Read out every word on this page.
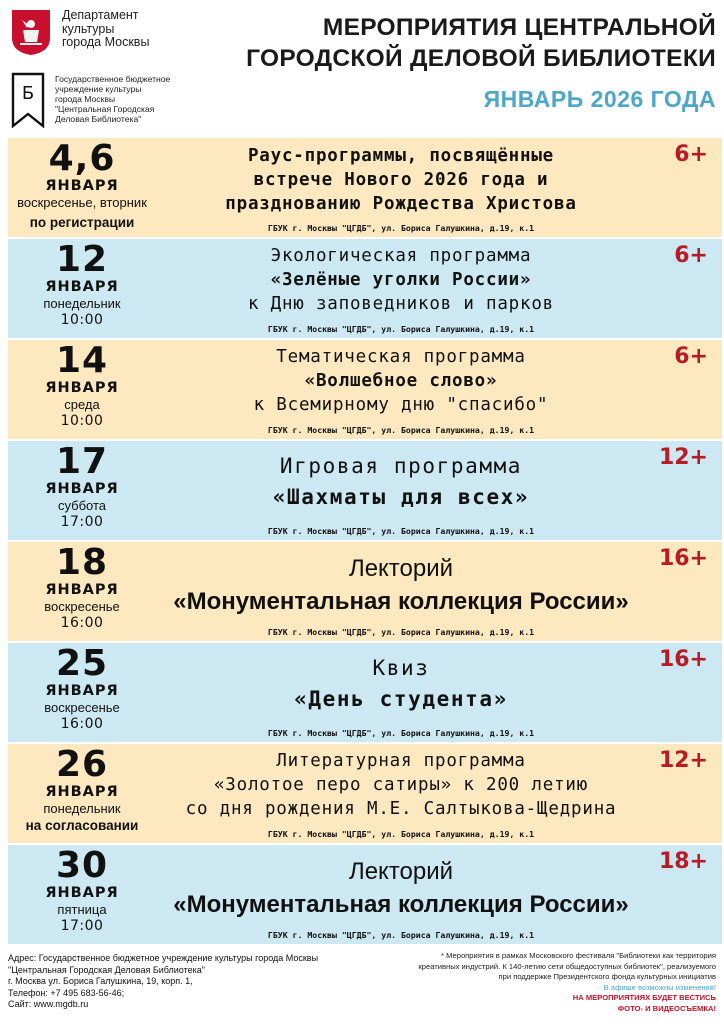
Департамент
культуры
города Москвы
Б
Государственное бюджетное
учреждение культуры
города Москвы
"Центральная Городская
Деловая Библиотека"
МЕРОПРИЯТИЯ ЦЕНТРАЛЬНОЙ
ГОРОДСКОЙ ДЕЛОВОЙ БИБЛИОТЕКИ
ЯНВАРЬ 2026 ГОДА
4,6
ЯНВАРЯ
воскресенье, вторник
по регистрации
Раус-программы, посвящённые
встрече Нового 2026 года и
празднованию Рождества Христова
ГБУК г. Москвы "ЦГДБ", ул. Бориса Галушкина, д.19, к.1
6+
12
ЯНВАРЯ
понедельник
10:00
Экологическая программа
«Зелёные уголки России»
к Дню заповедников и парков
ГБУК г. Москвы "ЦГДБ", ул. Бориса Галушкина, д.19, к.1
6+
14
ЯНВАРЯ
среда
10:00
Тематическая программа
«Волшебное слово»
к Всемирному дню "спасибо"
ГБУК г. Москвы "ЦГДБ", ул. Бориса Галушкина, д.19, к.1
6+
17
ЯНВАРЯ
суббота
17:00
Игровая программа
«Шахматы для всех»
ГБУК г. Москвы "ЦГДБ", ул. Бориса Галушкина, д.19, к.1
12+
18
ЯНВАРЯ
воскресенье
16:00
Лекторий
«Монументальная коллекция России»
ГБУК г. Москвы "ЦГДБ", ул. Бориса Галушкина, д.19, к.1
16+
25
ЯНВАРЯ
воскресенье
16:00
Квиз
«День студента»
ГБУК г. Москвы "ЦГДБ", ул. Бориса Галушкина, д.19, к.1
16+
26
ЯНВАРЯ
понедельник
на согласовании
Литературная программа
«Золотое перо сатиры» к 200 летию
со дня рождения М.Е. Салтыкова-Щедрина
ГБУК г. Москвы "ЦГДБ", ул. Бориса Галушкина, д.19, к.1
12+
30
ЯНВАРЯ
пятница
17:00
Лекторий
«Монументальная коллекция России»
ГБУК г. Москвы "ЦГДБ", ул. Бориса Галушкина, д.19, к.1
18+
Адрес: Государственное бюджетное учреждение культуры города Москвы
"Центральная Городская Деловая Библиотека"
г. Москва ул. Бориса Галушкина, 19, корп. 1,
Телефон: +7 495 683-56-46;
Сайт: www.mgdb.ru
* Мероприятия в рамках Московского фестиваля "Библиотеки как территория
креативных индустрий. К 140-летию сети общедоступных библиотек", реализуемого
при поддержке Президентского фонда культурных инициатив
В афише возможны изменения!
НА МЕРОПРИЯТИЯХ БУДЕТ ВЕСТИСЬ
ФОТО- И ВИДЕОСЪЕМКА!
